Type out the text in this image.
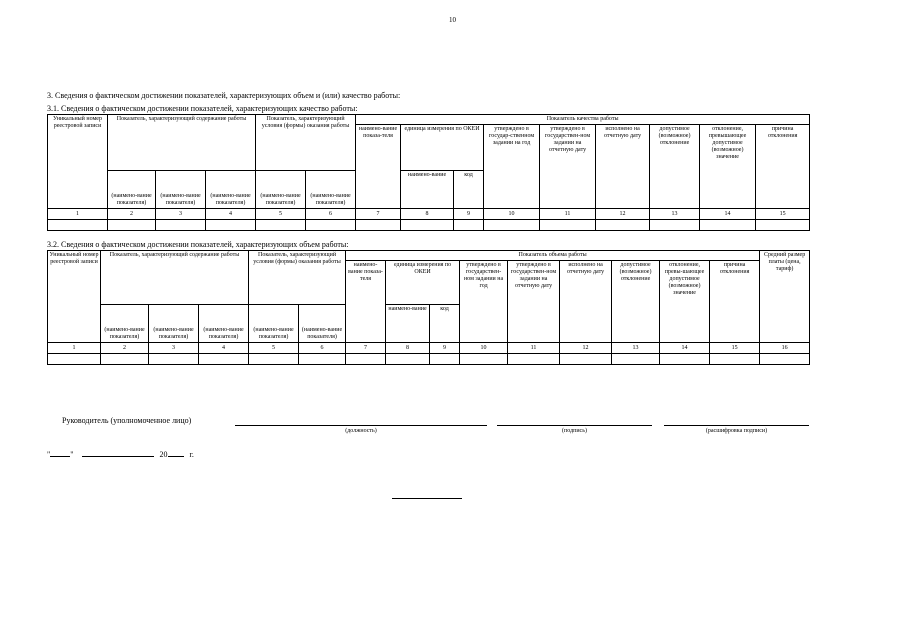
10
3. Сведения о фактическом достижении показателей, характеризующих объем и (или) качество работы:
3.1. Сведения о фактическом достижении показателей, характеризующих качество работы:
Уникальный номер реестровой записи	Показатель, характеризующий содержание работы			Показатель, характеризующий условия (формы) оказания работы		Показатель качества работы								
						наимено-вание показа-теля	единица измерения по ОКЕИ		утверждено в государ-ственном задании на год	утверждено в государствен-ном задании на отчетную дату	исполнено на отчетную дату	допустимое (возможное) отклонение	отклонение, превышающее допустимое (возможное) значение	причина отклонения
	(наимено-вание показателя)	(наимено-вание показателя)	(наимено-вание показателя)	(наимено-вание показателя)	(наимено-вание показателя)		наимено-вание	код						
1	2	3	4	5	6	7	8	9	10	11	12	13	14	15

3.2. Сведения о фактическом достижении показателей, характеризующих объем работы:
Уникальный номер реестровой записи	Показатель, характеризующий содержание работы			Показатель, характеризующий условия (формы) оказания работы		Показатель объема работы									Средний размер платы (цена, тариф)
						наимено-вание показа-теля	единица измерения по ОКЕИ		утверждено в государствен-ном задании на год	утверждено в государствен-ном задании на отчетную дату	исполнено на отчетную дату	допустимое (возможное) отклонение	отклонение, превы-шающее допустимое (возможное) значение	причина отклонения	
	(наимено-вание показателя)	(наимено-вание показателя)	(наимено-вание показателя)	(наимено-вание показателя)	(наимено-вание показателя)		наимено-вание	код							
1	2	3	4	5	6	7	8	9	10	11	12	13	14	15	16

Руководитель (уполномоченное лицо)
(должность)	(подпись)	(расшифровка подписи)
"	"	20	г.
